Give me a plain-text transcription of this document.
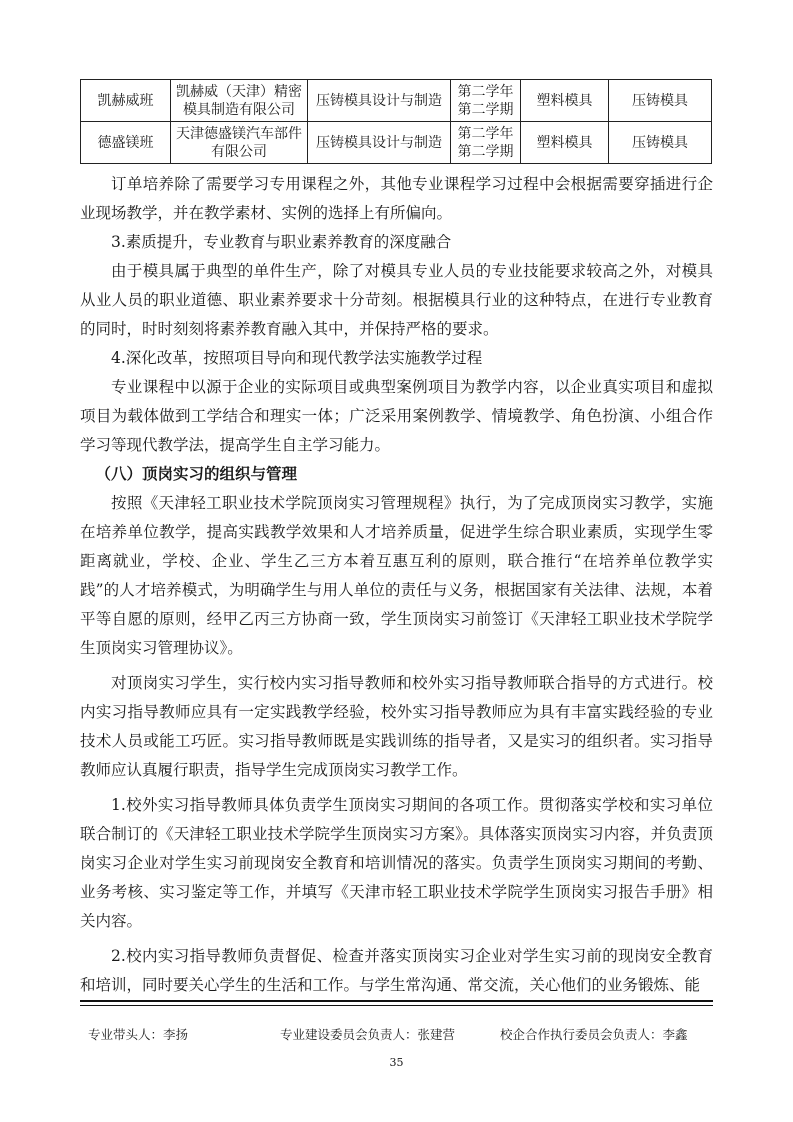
凯赫威班	凯赫威（天津）精密模具制造有限公司	压铸模具设计与制造	第二学年第二学期	塑料模具	压铸模具
德盛镁班	天津德盛镁汽车部件有限公司	压铸模具设计与制造	第二学年第二学期	塑料模具	压铸模具

订单培养除了需要学习专用课程之外，其他专业课程学习过程中会根据需要穿插进行企业现场教学，并在教学素材、实例的选择上有所偏向。

3.素质提升，专业教育与职业素养教育的深度融合

由于模具属于典型的单件生产，除了对模具专业人员的专业技能要求较高之外，对模具从业人员的职业道德、职业素养要求十分苛刻。根据模具行业的这种特点，在进行专业教育的同时，时时刻刻将素养教育融入其中，并保持严格的要求。

4.深化改革，按照项目导向和现代教学法实施教学过程

专业课程中以源于企业的实际项目或典型案例项目为教学内容，以企业真实项目和虚拟项目为载体做到工学结合和理实一体；广泛采用案例教学、情境教学、角色扮演、小组合作学习等现代教学法，提高学生自主学习能力。

（八）顶岗实习的组织与管理

按照《天津轻工职业技术学院顶岗实习管理规程》执行，为了完成顶岗实习教学，实施在培养单位教学，提高实践教学效果和人才培养质量，促进学生综合职业素质，实现学生零距离就业，学校、企业、学生乙三方本着互惠互利的原则，联合推行“在培养单位教学实践”的人才培养模式，为明确学生与用人单位的责任与义务，根据国家有关法律、法规，本着平等自愿的原则，经甲乙丙三方协商一致，学生顶岗实习前签订《天津轻工职业技术学院学生顶岗实习管理协议》。

对顶岗实习学生，实行校内实习指导教师和校外实习指导教师联合指导的方式进行。校内实习指导教师应具有一定实践教学经验，校外实习指导教师应为具有丰富实践经验的专业技术人员或能工巧匠。实习指导教师既是实践训练的指导者，又是实习的组织者。实习指导教师应认真履行职责，指导学生完成顶岗实习教学工作。

1.校外实习指导教师具体负责学生顶岗实习期间的各项工作。贯彻落实学校和实习单位联合制订的《天津轻工职业技术学院学生顶岗实习方案》。具体落实顶岗实习内容，并负责顶岗实习企业对学生实习前现岗安全教育和培训情况的落实。负责学生顶岗实习期间的考勤、业务考核、实习鉴定等工作，并填写《天津市轻工职业技术学院学生顶岗实习报告手册》相关内容。

2.校内实习指导教师负责督促、检查并落实顶岗实习企业对学生实习前的现岗安全教育和培训，同时要关心学生的生活和工作。与学生常沟通、常交流，关心他们的业务锻炼、能

专业带头人：李扬	专业建设委员会负责人：张建营	校企合作执行委员会负责人：李鑫
35
